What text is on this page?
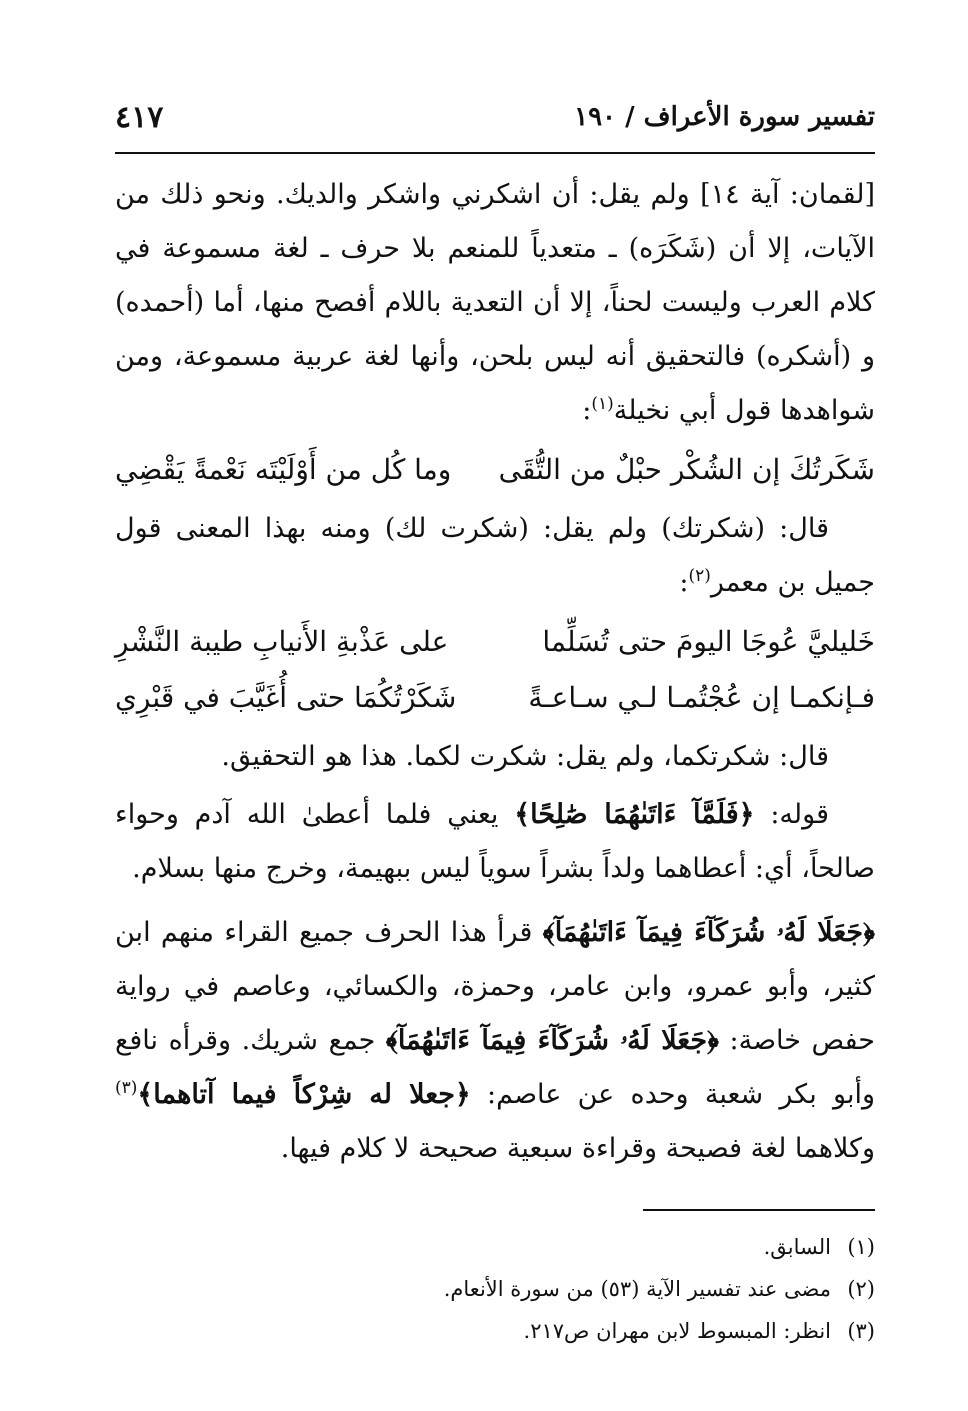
تفسير سورة الأعراف / ١٩٠
٤١٧

[لقمان: آية ١٤] ولم يقل: أن اشكرني واشكر والديك. ونحو ذلك من الآيات، إلا أن (شَكَرَه) ـ متعدياً للمنعم بلا حرف ـ لغة مسموعة في كلام العرب وليست لحناً، إلا أن التعدية باللام أفصح منها، أما (أحمده) و (أشكره) فالتحقيق أنه ليس بلحن، وأنها لغة عربية مسموعة، ومن شواهدها قول أبي نخيلة$^{(١)}$:

شَكَرتُكَ إن الشُكْر حبْلٌ من التُّقَى
وما كُل من أَوْلَيْتَه نَعْمةً يَقْضِي

قال: (شكرتك) ولم يقل: (شكرت لك) ومنه بهذا المعنى قول جميل بن معمر$^{(٢)}$:

خَليليَّ عُوجَا اليومَ حتى تُسَلِّما
على عَذْبةِ الأَنيابِ طيبة النَّشْرِ
فـإنكمـا إن عُجْتُمـا لـي سـاعـةً
شَكَرْتُكُمَا حتى أُغَيَّبَ في قَبْرِي

قال: شكرتكما، ولم يقل: شكرت لكما. هذا هو التحقيق.

قوله: ﴿فَلَمَّآ ءَاتَىٰهُمَا صَٰلِحًا﴾ يعني فلما أعطىٰ الله آدم وحواء صالحاً، أي: أعطاهما ولداً بشراً سوياً ليس ببهيمة، وخرج منها بسلام.

﴿جَعَلَا لَهُۥ شُرَكَآءَ فِيمَآ ءَاتَىٰهُمَآ﴾ قرأ هذا الحرف جميع القراء منهم ابن كثير، وأبو عمرو، وابن عامر، وحمزة، والكسائي، وعاصم في رواية حفص خاصة: ﴿جَعَلَا لَهُۥ شُرَكَآءَ فِيمَآ ءَاتَىٰهُمَآ﴾ جمع شريك. وقرأه نافع وأبو بكر شعبة وحده عن عاصم: ﴿جعلا له شِرْكاً فيما آتاهما﴾$^{(٣)}$ وكلاهما لغة فصيحة وقراءة سبعية صحيحة لا كلام فيها.

(١)السابق.

(٢)مضى عند تفسير الآية (٥٣) من سورة الأنعام.

(٣)انظر: المبسوط لابن مهران ص٢١٧.
